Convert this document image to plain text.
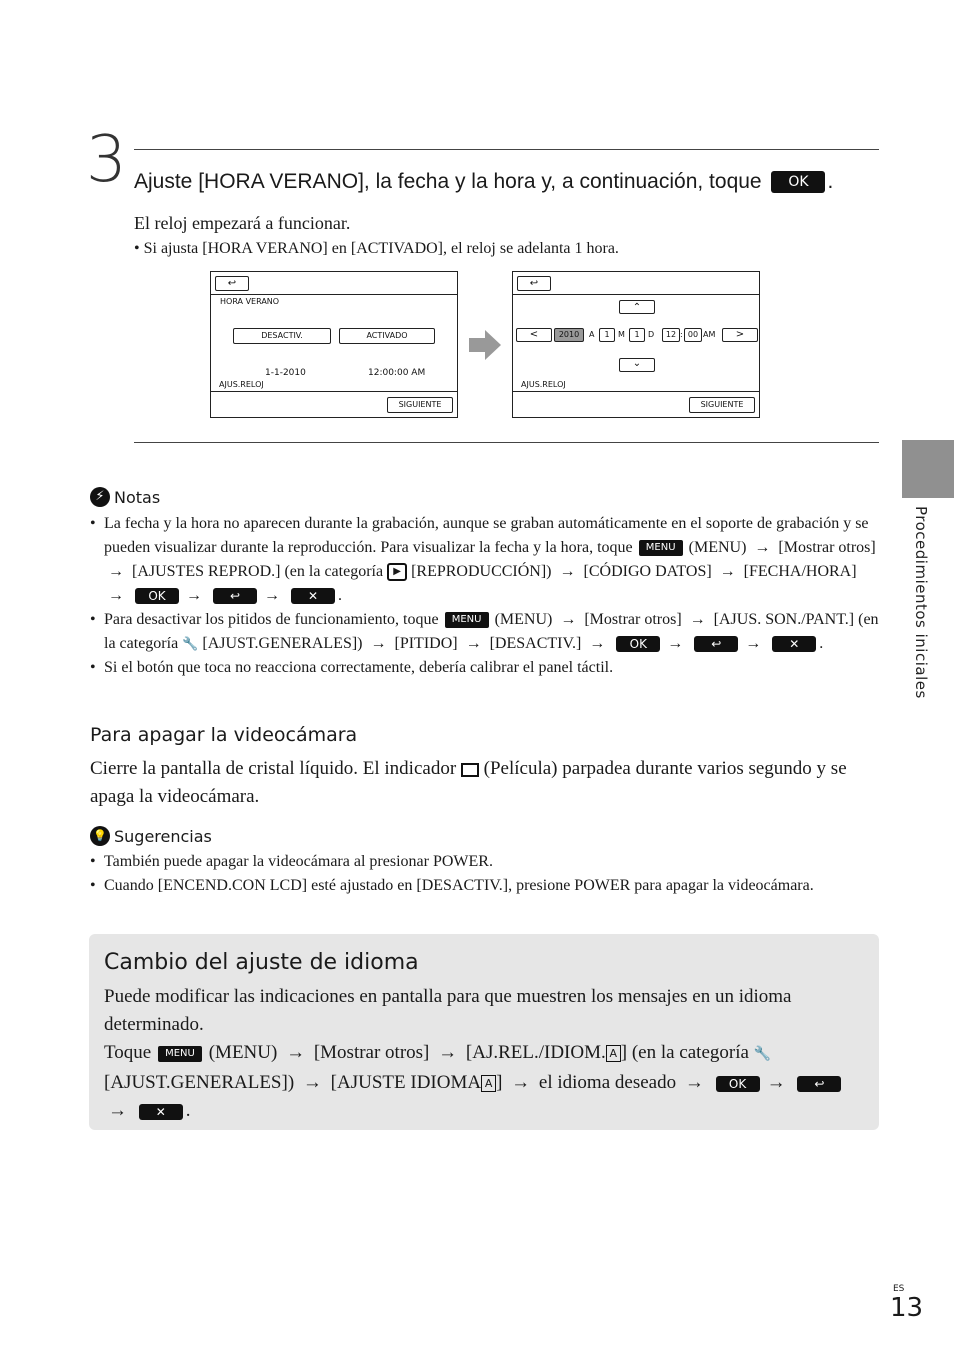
3 Ajuste [HORA VERANO], la fecha y la hora y, a continuación, toque OK .
El reloj empezará a funcionar.
• Si ajusta [HORA VERANO] en [ACTIVADO], el reloj se adelanta 1 hora.
↩
HORA VERANO
DESACTIV.	ACTIVADO
1-1-2010	12:00:00 AM
AJUS.RELOJ
SIGUIENTE
↩
⌃
<	2010	A	1	M	1	D	12 : 00 AM	>
⌄
AJUS.RELOJ
SIGUIENTE
Procedimientos iniciales
⚡ Notas
• La fecha y la hora no aparecen durante la grabación, aunque se graban automáticamente en el soporte de grabación y se pueden visualizar durante la reproducción. Para visualizar la fecha y la hora, toque MENU (MENU) → [Mostrar otros] → [AJUSTES REPROD.] (en la categoría ▶ [REPRODUCCIÓN]) → [CÓDIGO DATOS] → [FECHA/HORA] → OK → ↩ → ✕ .
• Para desactivar los pitidos de funcionamiento, toque MENU (MENU) → [Mostrar otros] → [AJUS. SON./PANT.] (en la categoría 🔧 [AJUST.GENERALES]) → [PITIDO] → [DESACTIV.] → OK → ↩ → ✕ .
• Si el botón que toca no reacciona correctamente, debería calibrar el panel táctil.
Para apagar la videocámara
Cierre la pantalla de cristal líquido. El indicador (Película) parpadea durante varios segundo y se apaga la videocámara.
💡 Sugerencias
• También puede apagar la videocámara al presionar POWER.
• Cuando [ENCEND.CON LCD] esté ajustado en [DESACTIV.], presione POWER para apagar la videocámara.
Cambio del ajuste de idioma
Puede modificar las indicaciones en pantalla para que muestren los mensajes en un idioma determinado.
Toque MENU (MENU) → [Mostrar otros] → [AJ.REL./IDIOM. A ] (en la categoría 🔧 [AJUST.GENERALES]) → [AJUSTE IDIOMA A ] → el idioma deseado → OK → ↩→ ✕ .
ES
13
